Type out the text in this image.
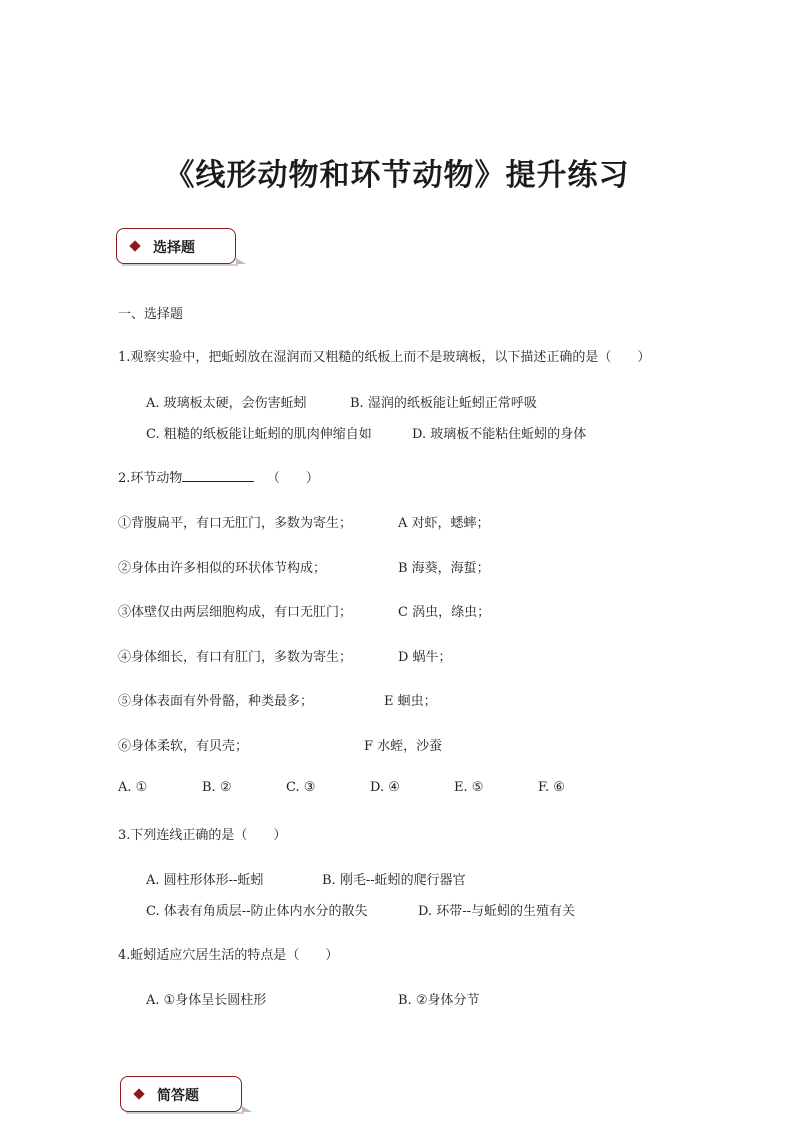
《线形动物和环节动物》提升练习
选择题
一、选择题
1.观察实验中，把蚯蚓放在湿润而又粗糙的纸板上而不是玻璃板，以下描述正确的是（　　）
A. 玻璃板太硬，会伤害蚯蚓	B. 湿润的纸板能让蚯蚓正常呼吸
C. 粗糙的纸板能让蚯蚓的肌肉伸缩自如	D. 玻璃板不能粘住蚯蚓的身体
2.环节动物	（　　）
①背腹扁平，有口无肛门，多数为寄生；	A 对虾，蟋蟀；
②身体由许多相似的环状体节构成；	B 海葵，海蜇；
③体壁仅由两层细胞构成，有口无肛门；	C 涡虫，绦虫；
④身体细长，有口有肛门，多数为寄生；	D 蜗牛；
⑤身体表面有外骨骼，种类最多；	E 蛔虫；
⑥身体柔软，有贝壳；	F 水蛭，沙蚕
A. ①	B. ②	C. ③	D. ④	E. ⑤	F. ⑥
3.下列连线正确的是（　　）
A. 圆柱形体形--蚯蚓	B. 刚毛--蚯蚓的爬行器官
C. 体表有角质层--防止体内水分的散失	D. 环带--与蚯蚓的生殖有关
4.蚯蚓适应穴居生活的特点是（　　）
A. ①身体呈长圆柱形	B. ②身体分节
简答题
